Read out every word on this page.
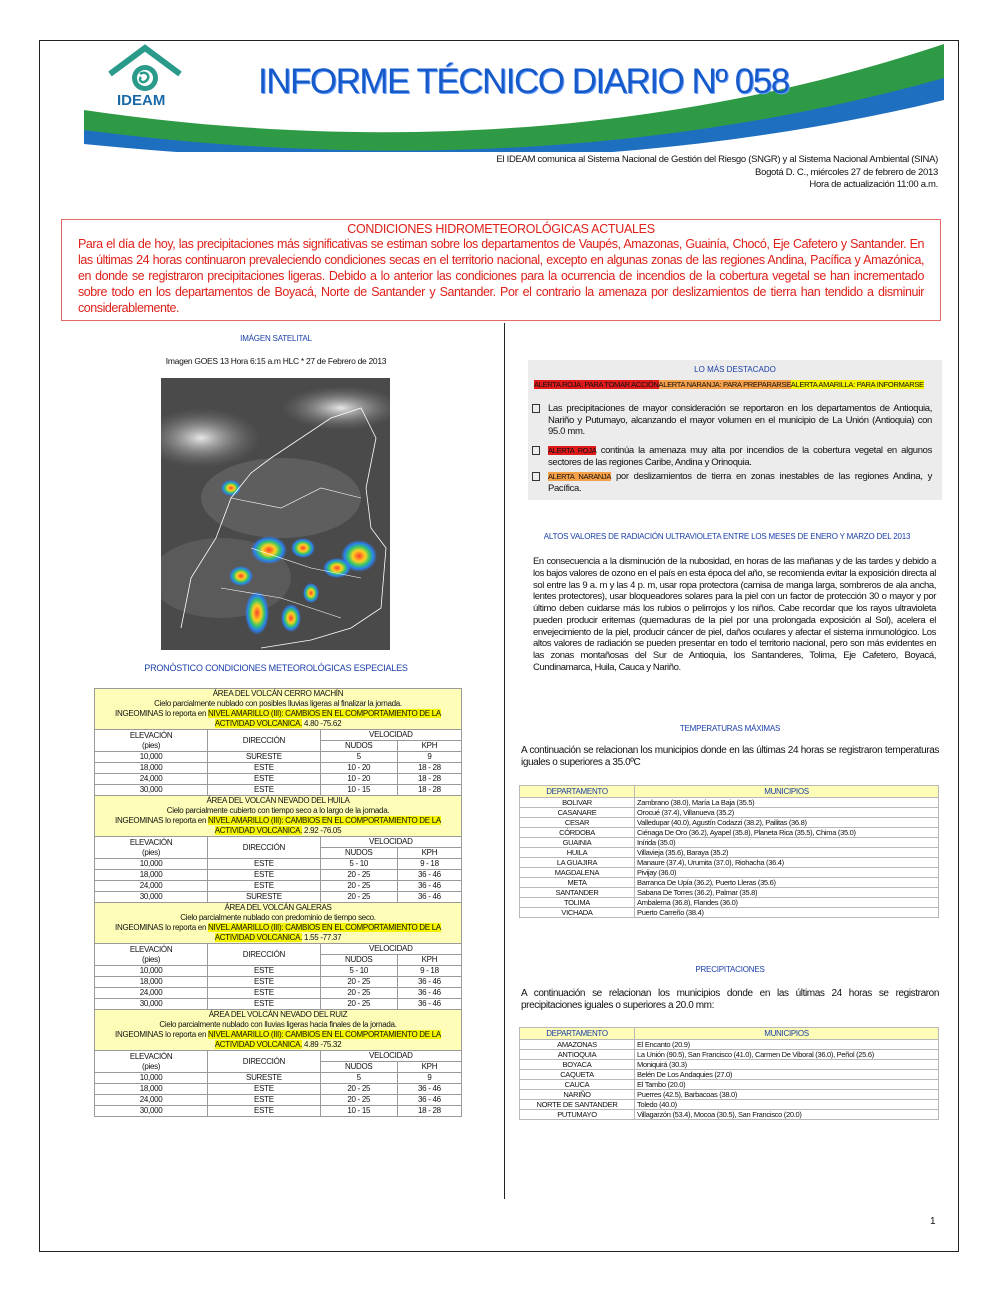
IDEAM	INFORME TÉCNICO DIARIO Nº 058
El IDEAM comunica al Sistema Nacional de Gestión del Riesgo (SNGR) y al Sistema Nacional Ambiental (SINA)
Bogotá D. C., miércoles 27 de febrero de 2013
Hora de actualización 11:00 a.m.
CONDICIONES HIDROMETEOROLÓGICAS ACTUALES

Para el día de hoy, las precipitaciones más significativas se estiman sobre los departamentos de Vaupés, Amazonas, Guainía, Chocó, Eje Cafetero y Santander. En las últimas 24 horas continuaron prevaleciendo condiciones secas en el territorio nacional, excepto en algunas zonas de las regiones Andina, Pacífica y Amazónica, en donde se registraron precipitaciones ligeras. Debido a lo anterior las condiciones para la ocurrencia de incendios de la cobertura vegetal se han incrementado sobre todo en los departamentos de Boyacá, Norte de Santander y Santander. Por el contrario la amenaza por deslizamientos de tierra han tendido a disminuir considerablemente.

IMÁGEN SATELITAL
Imagen GOES 13 Hora 6:15 a.m HLC * 27 de Febrero de 2013
PRONÓSTICO CONDICIONES METEOROLÓGICAS ESPECIALES
ÁREA DEL VOLCÁN CERRO MACHÍN
Cielo parcialmente nublado con posibles lluvias ligeras al finalizar la jornada.
INGEOMINAS lo reporta en NIVEL AMARILLO (III): CAMBIOS EN EL COMPORTAMIENTO DE LA ACTIVIDAD VOLCANICA. 4.80 -75.62			

ELEVACIÓN
(pies)	DIRECCIÓN	VELOCIDAD	
		NUDOS	KPH
10,000	SURESTE	5	9
18,000	ESTE	10 - 20	18 - 28
24,000	ESTE	10 - 20	18 - 28
30,000	ESTE	10 - 15	18 - 28

ÁREA DEL VOLCÁN NEVADO DEL HUILA
Cielo parcialmente cubierto con tiempo seco a lo largo de la jornada.
INGEOMINAS lo reporta en NIVEL AMARILLO (III): CAMBIOS EN EL COMPORTAMIENTO DE LA ACTIVIDAD VOLCANICA. 2.92 -76.05			

ELEVACIÓN
(pies)	DIRECCIÓN	VELOCIDAD	
		NUDOS	KPH
10,000	ESTE	5 - 10	9 - 18
18,000	ESTE	20 - 25	36 - 46
24,000	ESTE	20 - 25	36 - 46
30,000	SURESTE	20 - 25	36 - 46

ÁREA DEL VOLCÁN GALERAS
Cielo parcialmente nublado con predominio de tiempo seco.
INGEOMINAS lo reporta en NIVEL AMARILLO (III): CAMBIOS EN EL COMPORTAMIENTO DE LA ACTIVIDAD VOLCANICA. 1.55 -77.37			

ELEVACIÓN
(pies)	DIRECCIÓN	VELOCIDAD	
		NUDOS	KPH
10,000	ESTE	5 - 10	9 - 18
18,000	ESTE	20 - 25	36 - 46
24,000	ESTE	20 - 25	36 - 46
30,000	ESTE	20 - 25	36 - 46

ÁREA DEL VOLCÁN NEVADO DEL RUIZ
Cielo parcialmente nublado con lluvias ligeras hacia finales de la jornada.
INGEOMINAS lo reporta en NIVEL AMARILLO (III): CAMBIOS EN EL COMPORTAMIENTO DE LA ACTIVIDAD VOLCANICA. 4.89 -75.32			

ELEVACIÓN
(pies)	DIRECCIÓN	VELOCIDAD	
		NUDOS	KPH
10,000	SURESTE	5	9
18,000	ESTE	20 - 25	36 - 46
24,000	ESTE	20 - 25	36 - 46
30,000	ESTE	10 - 15	18 - 28
LO MÁS DESTACADO
ALERTA ROJA: PARA TOMAR ACCIÓNALERTA NARANJA: PARA PREPARARSEALERTA AMARILLA: PARA INFORMARSE
Las precipitaciones de mayor consideración se reportaron en los departamentos de Antioquia, Nariño y Putumayo, alcanzando el mayor volumen en el municipio de La Unión (Antioquia) con 95.0 mm.
ALERTA ROJA continúa la amenaza muy alta por incendios de la cobertura vegetal en algunos sectores de las regiones Caribe, Andina y Orinoquia.
ALERTA NARANJA por deslizamientos de tierra en zonas inestables de las regiones Andina, y Pacífica.
ALTOS VALORES DE RADIACIÓN ULTRAVIOLETA ENTRE LOS MESES DE ENERO Y MARZO DEL 2013
En consecuencia a la disminución de la nubosidad, en horas de las mañanas y de las tardes y debido a los bajos valores de ozono en el país en esta época del año, se recomienda evitar la exposición directa al sol entre las 9 a. m y las 4 p. m, usar ropa protectora (camisa de manga larga, sombreros de ala ancha, lentes protectores), usar bloqueadores solares para la piel con un factor de protección 30 o mayor y por último deben cuidarse más los rubios o pelirrojos y los niños. Cabe recordar que los rayos ultravioleta pueden producir eritemas (quemaduras de la piel por una prolongada exposición al Sol), acelera el envejecimiento de la piel, producir cáncer de piel, daños oculares y afectar el sistema inmunológico. Los altos valores de radiación se pueden presentar en todo el territorio nacional, pero son más evidentes en las zonas montañosas del Sur de Antioquia, los Santanderes, Tolima, Eje Cafetero, Boyacá, Cundinamarca, Huila, Cauca y Nariño.
TEMPERATURAS MÁXIMAS
A continuación se relacionan los municipios donde en las últimas 24 horas se registraron temperaturas iguales o superiores a 35.0ºC
DEPARTAMENTO	MUNICIPIOS
BOLIVAR	Zambrano (38.0), María La Baja (35.5)
CASANARE	Orocué (37.4), Villanueva (35.2)
CESAR	Valledupar (40.0), Agustín Codazzi (38.2), Pailitas (36.8)
CÓRDOBA	Ciénaga De Oro (36.2), Ayapel (35.8), Planeta Rica (35.5), Chima (35.0)
GUAINIA	Inírida (35.0)
HUILA	Villavieja (35.6), Baraya (35.2)
LA GUAJIRA	Manaure (37.4), Urumita (37.0), Riohacha (36.4)
MAGDALENA	Pivijay (36.0)
META	Barranca De Upía (36.2), Puerto Lleras (35.6)
SANTANDER	Sabana De Torres (36.2), Palmar (35.8)
TOLIMA	Ambalema (36.8), Flandes (36.0)
VICHADA	Puerto Carreño (38.4)
PRECIPITACIONES
A continuación se relacionan los municipios donde en las últimas 24 horas se registraron precipitaciones iguales o superiores a 20.0 mm:
DEPARTAMENTO	MUNICIPIOS
AMAZONAS	El Encanto (20.9)
ANTIOQUIA	La Unión (90.5), San Francisco (41.0), Carmen De Viboral (36.0), Peñol (25.6)
BOYACA	Moniquirá (30.3)
CAQUETA	Belén De Los Andaquies (27.0)
CAUCA	El Tambo (20.0)
NARIÑO	Puerres (42.5), Barbacoas (38.0)
NORTE DE SANTANDER	Toledo (40.0)
PUTUMAYO	Villagarzón (53.4), Mocoa (30.5), San Francisco (20.0)
1
